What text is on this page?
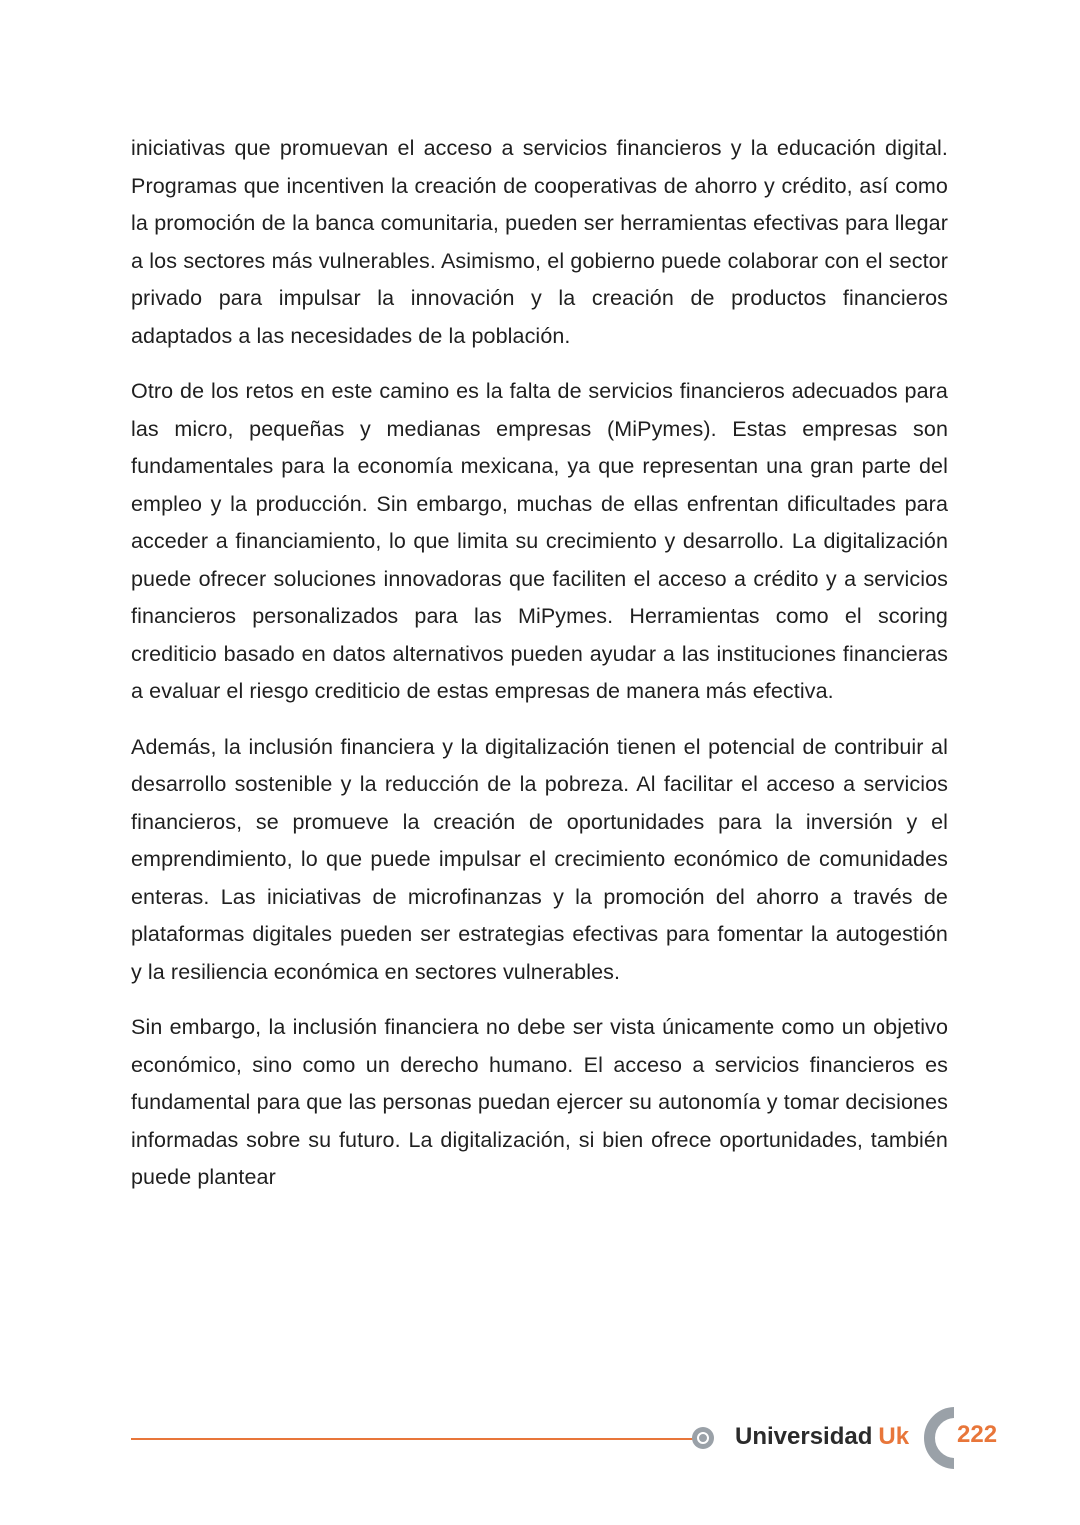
iniciativas que promuevan el acceso a servicios financieros y la educación digital. Programas que incentiven la creación de cooperativas de ahorro y crédito, así como la promoción de la banca comunitaria, pueden ser herramientas efectivas para llegar a los sectores más vulnerables. Asimismo, el gobierno puede colaborar con el sector privado para impulsar la innovación y la creación de productos financieros adaptados a las necesidades de la población.

Otro de los retos en este camino es la falta de servicios financieros adecuados para las micro, pequeñas y medianas empresas (MiPymes). Estas empresas son fundamentales para la economía mexicana, ya que representan una gran parte del empleo y la producción. Sin embargo, muchas de ellas enfrentan dificultades para acceder a financiamiento, lo que limita su crecimiento y desarrollo. La digitalización puede ofrecer soluciones innovadoras que faciliten el acceso a crédito y a servicios financieros personalizados para las MiPymes. Herramientas como el scoring crediticio basado en datos alternativos pueden ayudar a las instituciones financieras a evaluar el riesgo crediticio de estas empresas de manera más efectiva.

Además, la inclusión financiera y la digitalización tienen el potencial de contribuir al desarrollo sostenible y la reducción de la pobreza. Al facilitar el acceso a servicios financieros, se promueve la creación de oportunidades para la inversión y el emprendimiento, lo que puede impulsar el crecimiento económico de comunidades enteras. Las iniciativas de microfinanzas y la promoción del ahorro a través de plataformas digitales pueden ser estrategias efectivas para fomentar la autogestión y la resiliencia económica en sectores vulnerables.

Sin embargo, la inclusión financiera no debe ser vista únicamente como un objetivo económico, sino como un derecho humano. El acceso a servicios financieros es fundamental para que las personas puedan ejercer su autonomía y tomar decisiones informadas sobre su futuro. La digitalización, si bien ofrece oportunidades, también puede plantear

Universidad Uk 222
